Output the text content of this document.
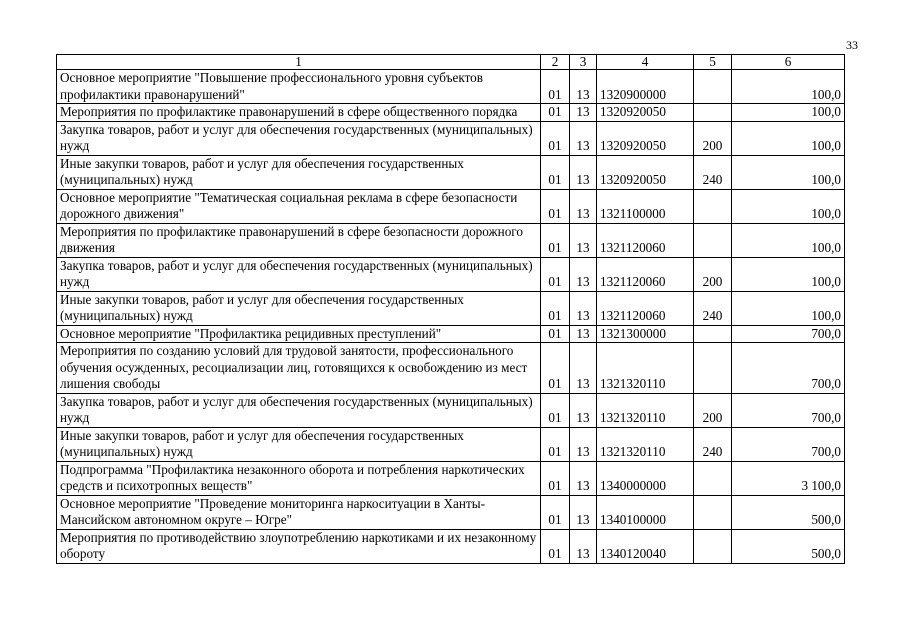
33
1	2	3	4	5	6
Основное мероприятие "Повышение профессионального уровня субъектов профилактики правонарушений"	01	13	1320900000		100,0
Мероприятия по профилактике правонарушений в сфере общественного порядка	01	13	1320920050		100,0
Закупка товаров, работ и услуг для обеспечения государственных (муниципальных) нужд	01	13	1320920050	200	100,0
Иные закупки товаров, работ и услуг для обеспечения государственных (муниципальных) нужд	01	13	1320920050	240	100,0
Основное мероприятие "Тематическая социальная реклама в сфере безопасности дорожного движения"	01	13	1321100000		100,0
Мероприятия по профилактике правонарушений в сфере безопасности дорожного движения	01	13	1321120060		100,0
Закупка товаров, работ и услуг для обеспечения государственных (муниципальных) нужд	01	13	1321120060	200	100,0
Иные закупки товаров, работ и услуг для обеспечения государственных (муниципальных) нужд	01	13	1321120060	240	100,0
Основное мероприятие "Профилактика рецидивных преступлений"	01	13	1321300000		700,0
Мероприятия по созданию условий для трудовой занятости, профессионального обучения осужденных, ресоциализации лиц, готовящихся к освобождению из мест лишения свободы	01	13	1321320110		700,0
Закупка товаров, работ и услуг для обеспечения государственных (муниципальных) нужд	01	13	1321320110	200	700,0
Иные закупки товаров, работ и услуг для обеспечения государственных (муниципальных) нужд	01	13	1321320110	240	700,0
Подпрограмма "Профилактика незаконного оборота и потребления наркотических средств и психотропных веществ"	01	13	1340000000		3 100,0
Основное мероприятие "Проведение мониторинга наркоситуации в Ханты-Мансийском автономном округе – Югре"	01	13	1340100000		500,0
Мероприятия по противодействию злоупотреблению наркотиками и их незаконному обороту	01	13	1340120040		500,0
